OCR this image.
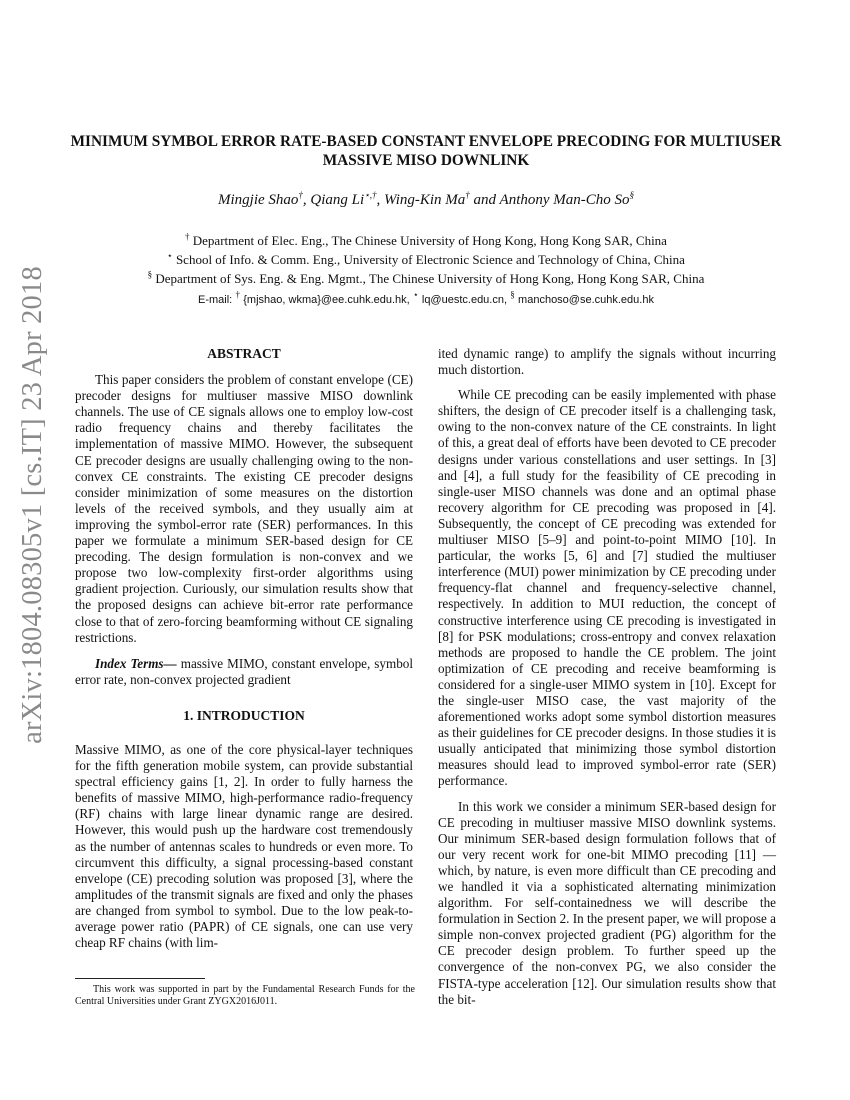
arXiv:1804.08305v1 [cs.IT] 23 Apr 2018
MINIMUM SYMBOL ERROR RATE-BASED CONSTANT ENVELOPE PRECODING FOR MULTIUSER MASSIVE MISO DOWNLINK
Mingjie Shao†, Qiang Li⋆,†, Wing-Kin Ma† and Anthony Man-Cho So§
† Department of Elec. Eng., The Chinese University of Hong Kong, Hong Kong SAR, China
⋆ School of Info. & Comm. Eng., University of Electronic Science and Technology of China, China
§ Department of Sys. Eng. & Eng. Mgmt., The Chinese University of Hong Kong, Hong Kong SAR, China
E-mail: † {mjshao, wkma}@ee.cuhk.edu.hk, ⋆ lq@uestc.edu.cn, § manchoso@se.cuhk.edu.hk
ABSTRACT

This paper considers the problem of constant envelope (CE) precoder designs for multiuser massive MISO downlink channels. The use of CE signals allows one to employ low-cost radio frequency chains and thereby facilitates the implementation of massive MIMO. However, the subsequent CE precoder designs are usually challenging owing to the non-convex CE constraints. The existing CE precoder designs consider minimization of some measures on the distortion levels of the received symbols, and they usually aim at improving the symbol-error rate (SER) performances. In this paper we formulate a minimum SER-based design for CE precoding. The design formulation is non-convex and we propose two low-complexity first-order algorithms using gradient projection. Curiously, our simulation results show that the proposed designs can achieve bit-error rate performance close to that of zero-forcing beamforming without CE signaling restrictions.

Index Terms— massive MIMO, constant envelope, symbol error rate, non-convex projected gradient

1. INTRODUCTION

Massive MIMO, as one of the core physical-layer techniques for the fifth generation mobile system, can provide substantial spectral efficiency gains [1, 2]. In order to fully harness the benefits of massive MIMO, high-performance radio-frequency (RF) chains with large linear dynamic range are desired. However, this would push up the hardware cost tremendously as the number of antennas scales to hundreds or even more. To circumvent this difficulty, a signal processing-based constant envelope (CE) precoding solution was proposed [3], where the amplitudes of the transmit signals are fixed and only the phases are changed from symbol to symbol. Due to the low peak-to-average power ratio (PAPR) of CE signals, one can use very cheap RF chains (with lim-

ited dynamic range) to amplify the signals without incurring much distortion.

While CE precoding can be easily implemented with phase shifters, the design of CE precoder itself is a challenging task, owing to the non-convex nature of the CE constraints. In light of this, a great deal of efforts have been devoted to CE precoder designs under various constellations and user settings. In [3] and [4], a full study for the feasibility of CE precoding in single-user MISO channels was done and an optimal phase recovery algorithm for CE precoding was proposed in [4]. Subsequently, the concept of CE precoding was extended for multiuser MISO [5–9] and point-to-point MIMO [10]. In particular, the works [5, 6] and [7] studied the multiuser interference (MUI) power minimization by CE precoding under frequency-flat channel and frequency-selective channel, respectively. In addition to MUI reduction, the concept of constructive interference using CE precoding is investigated in [8] for PSK modulations; cross-entropy and convex relaxation methods are proposed to handle the CE problem. The joint optimization of CE precoding and receive beamforming is considered for a single-user MIMO system in [10]. Except for the single-user MISO case, the vast majority of the aforementioned works adopt some symbol distortion measures as their guidelines for CE precoder designs. In those studies it is usually anticipated that minimizing those symbol distortion measures should lead to improved symbol-error rate (SER) performance.

In this work we consider a minimum SER-based design for CE precoding in multiuser massive MISO downlink systems. Our minimum SER-based design formulation follows that of our very recent work for one-bit MIMO precoding [11] — which, by nature, is even more difficult than CE precoding and we handled it via a sophisticated alternating minimization algorithm. For self-containedness we will describe the formulation in Section 2. In the present paper, we will propose a simple non-convex projected gradient (PG) algorithm for the CE precoder design problem. To further speed up the convergence of the non-convex PG, we also consider the FISTA-type acceleration [12]. Our simulation results show that the bit-

This work was supported in part by the Fundamental Research Funds for the Central Universities under Grant ZYGX2016J011.
